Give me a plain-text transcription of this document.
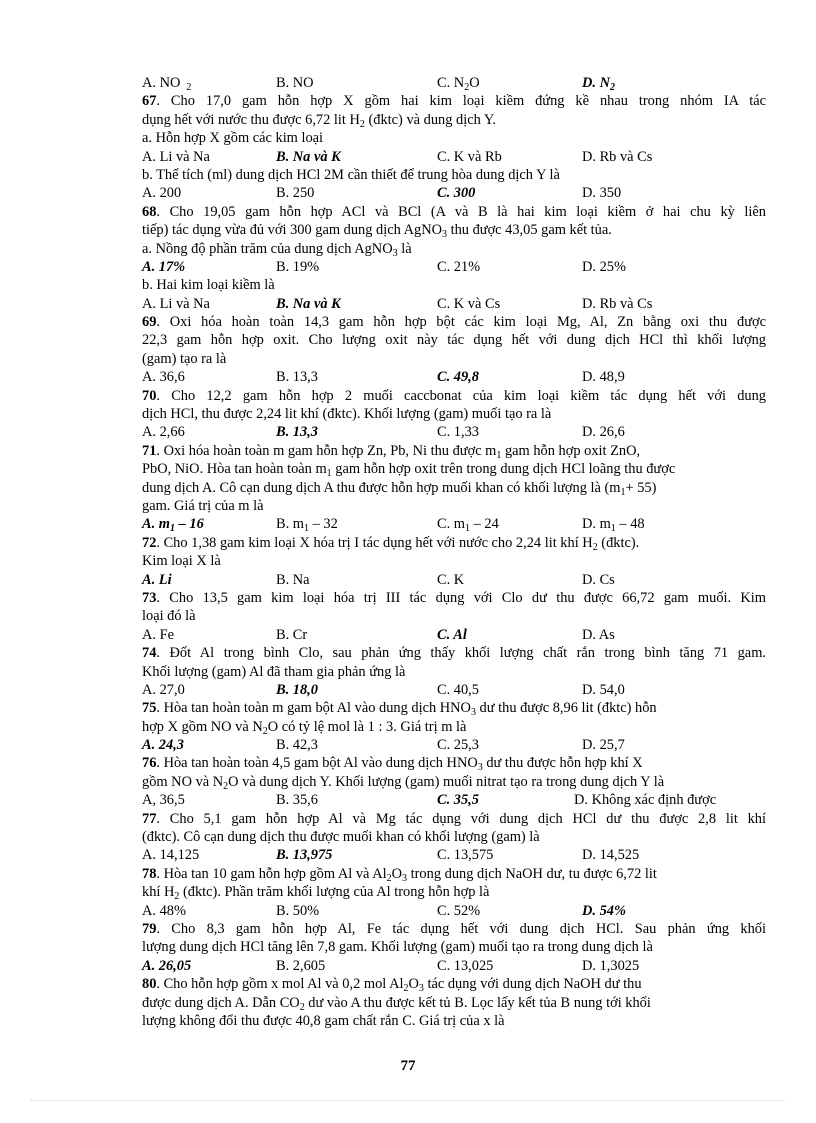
A. NO $_2$	B. NO	C. $N_2O$	D. $N_2$
67. Cho 17,0 gam hỗn hợp X gồm hai kim loại kiềm đứng kề nhau trong nhóm IA tác
dụng hết với nước thu được 6,72 lit $H_2$ (đktc) và dung dịch Y.
a. Hỗn hợp X gồm các kim loại
A. Li và Na	B. Na và K	C. K và Rb	D. Rb và Cs
b. Thể tích (ml) dung dịch HCl 2M cần thiết để trung hòa dung dịch Y là
A. 200	B. 250	C. 300	D. 350
68. Cho 19,05 gam hỗn hợp ACl và BCl (A và B là hai kim loại kiềm ở hai chu kỳ liên
tiếp) tác dụng vừa đủ với 300 gam dung dịch AgNO$_3$ thu được 43,05 gam kết tủa.
a. Nồng độ phần trăm của dung dịch AgNO$_3$ là
A. 17%	B. 19%	C. 21%	D. 25%
b. Hai kim loại kiềm là
A. Li và Na	B. Na và K	C. K và Cs	D. Rb và Cs
69. Oxi hóa hoàn toàn 14,3 gam hỗn hợp bột các kim loại Mg, Al, Zn bằng oxi thu được
22,3 gam hỗn hợp oxit. Cho lượng oxit này tác dụng hết với dung dịch HCl thì khối lượng
(gam) tạo ra là
A. 36,6	B. 13,3	C. 49,8	D. 48,9
70. Cho 12,2 gam hỗn hợp 2 muối caccbonat của kim loại kiềm tác dụng hết với dung
dịch HCl, thu được 2,24 lit khí (đktc). Khối lượng (gam) muối tạo ra là
A. 2,66	B. 13,3	C. 1,33	D. 26,6
71. Oxi hóa hoàn toàn m gam hỗn hợp Zn, Pb, Ni thu được $m_1$ gam hỗn hợp oxit ZnO,
PbO, NiO. Hòa tan hoàn toàn $m_1$ gam hỗn hợp oxit trên trong dung dịch HCl loãng thu được
dung dịch A. Cô cạn dung dịch A thu được hỗn hợp muối khan có khối lượng là $(m_1+ 55)$
gam. Giá trị của m là
A. $m_1 - 16$	B. $m_1 - 32$	C. $m_1 - 24$	D. $m_1 - 48$
72. Cho 1,38 gam kim loại X hóa trị I tác dụng hết với nước cho 2,24 lit khí $H_2$ (đktc).
Kim loại X là
A. Li	B. Na	C. K	D. Cs
73. Cho 13,5 gam kim loại hóa trị III tác dụng với Clo dư thu được 66,72 gam muối. Kim
loại đó là
A. Fe	B. Cr	C. Al	D. As
74. Đốt Al trong bình Clo, sau phản ứng thấy khối lượng chất rắn trong bình tăng 71 gam.
Khối lượng (gam) Al đã tham gia phản ứng là
A. 27,0	B. 18,0	C. 40,5	D. 54,0
75. Hòa tan hoàn toàn m gam bột Al vào dung dịch $HNO_3$ dư thu được 8,96 lit (đktc) hỗn
hợp X gồm NO và $N_2O$ có tỷ lệ mol là 1 : 3. Giá trị m là
A. 24,3	B. 42,3	C. 25,3	D. 25,7
76. Hòa tan hoàn toàn 4,5 gam bột Al vào dung dịch $HNO_3$ dư thu được hỗn hợp khí X
gồm NO và $N_2O$ và dung dịch Y. Khối lượng (gam) muối nitrat tạo ra trong dung dịch Y là
A, 36,5	B. 35,6	C. 35,5	D. Không xác định được
77. Cho 5,1 gam hỗn hợp Al và Mg tác dụng với dung dịch HCl dư thu được 2,8 lit khí
(đktc). Cô cạn dung dịch thu được muối khan có khối lượng (gam) là
A. 14,125	B. 13,975	C. 13,575	D. 14,525
78. Hòa tan 10 gam hỗn hợp gồm Al và $Al_2O_3$ trong dung dịch NaOH dư, tu được 6,72 lit
khí $H_2$ (đktc). Phần trăm khối lượng của Al trong hỗn hợp là
A. 48%	B. 50%	C. 52%	D. 54%
79. Cho 8,3 gam hỗn hợp Al, Fe tác dụng hết với dung dịch HCl. Sau phản ứng khối
lượng dung dịch HCl tăng lên 7,8 gam. Khối lượng (gam) muối tạo ra trong dung dịch là
A. 26,05	B. 2,605	C. 13,025	D. 1,3025
80. Cho hỗn hợp gồm x mol Al và 0,2 mol $Al_2O_3$ tác dụng với dung dịch NaOH dư thu
được dung dịch A. Dẫn $CO_2$ dư vào A thu được kết tủ B. Lọc lấy kết tủa B nung tới khối
lượng không đổi thu được 40,8 gam chất rắn C. Giá trị của x là
77
